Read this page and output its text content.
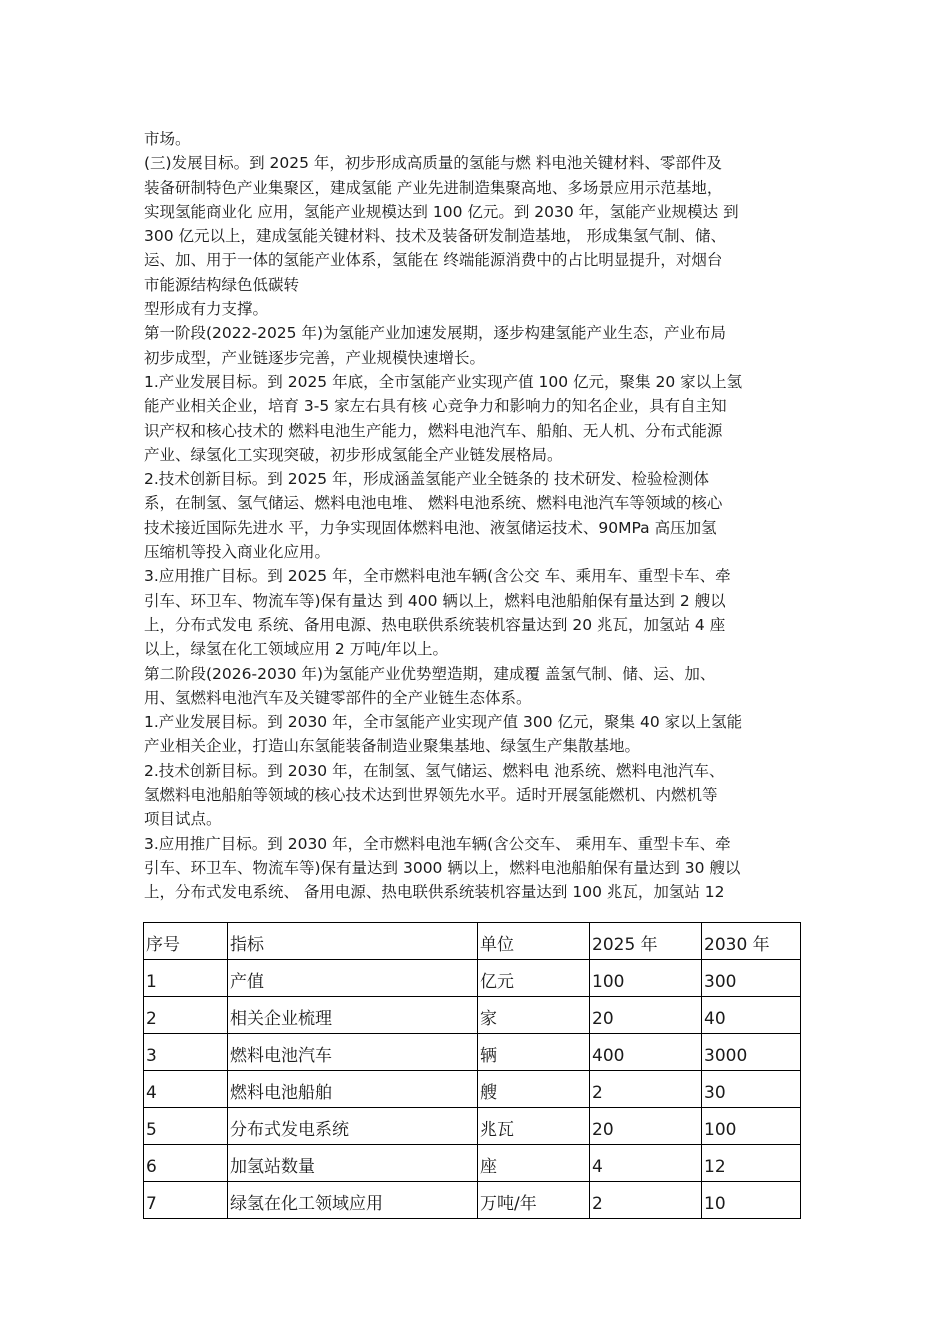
市场。
(三)发展目标。到 2025 年，初步形成高质量的氢能与燃 料电池关键材料、零部件及
装备研制特色产业集聚区，建成氢能 产业先进制造集聚高地、多场景应用示范基地，
实现氢能商业化 应用，氢能产业规模达到 100 亿元。到 2030 年，氢能产业规模达 到
300 亿元以上，建成氢能关键材料、技术及装备研发制造基地， 形成集氢气制、储、
运、加、用于一体的氢能产业体系，氢能在 终端能源消费中的占比明显提升，对烟台
市能源结构绿色低碳转
型形成有力支撑。
第一阶段(2022-2025 年)为氢能产业加速发展期，逐步构建氢能产业生态，产业布局
初步成型，产业链逐步完善，产业规模快速增长。
1.产业发展目标。到 2025 年底，全市氢能产业实现产值 100 亿元，聚集 20 家以上氢
能产业相关企业，培育 3-5 家左右具有核 心竞争力和影响力的知名企业，具有自主知
识产权和核心技术的 燃料电池生产能力，燃料电池汽车、船舶、无人机、分布式能源
产业、绿氢化工实现突破，初步形成氢能全产业链发展格局。
2.技术创新目标。到 2025 年，形成涵盖氢能产业全链条的 技术研发、检验检测体
系，在制氢、氢气储运、燃料电池电堆、 燃料电池系统、燃料电池汽车等领域的核心
技术接近国际先进水 平，力争实现固体燃料电池、液氢储运技术、90MPa 高压加氢
压缩机等投入商业化应用。
3.应用推广目标。到 2025 年，全市燃料电池车辆(含公交 车、乘用车、重型卡车、牵
引车、环卫车、物流车等)保有量达 到 400 辆以上，燃料电池船舶保有量达到 2 艘以
上，分布式发电 系统、备用电源、热电联供系统装机容量达到 20 兆瓦，加氢站 4 座
以上，绿氢在化工领域应用 2 万吨/年以上。
第二阶段(2026-2030 年)为氢能产业优势塑造期，建成覆 盖氢气制、储、运、加、
用、氢燃料电池汽车及关键零部件的全产业链生态体系。
1.产业发展目标。到 2030 年，全市氢能产业实现产值 300 亿元，聚集 40 家以上氢能
产业相关企业，打造山东氢能装备制造业聚集基地、绿氢生产集散基地。
2.技术创新目标。到 2030 年，在制氢、氢气储运、燃料电 池系统、燃料电池汽车、
氢燃料电池船舶等领域的核心技术达到世界领先水平。适时开展氢能燃机、内燃机等
项目试点。
3.应用推广目标。到 2030 年，全市燃料电池车辆(含公交车、 乘用车、重型卡车、牵
引车、环卫车、物流车等)保有量达到 3000 辆以上，燃料电池船舶保有量达到 30 艘以
上，分布式发电系统、 备用电源、热电联供系统装机容量达到 100 兆瓦，加氢站 12
序号	指标	单位	2025 年	2030 年
1	产值	亿元	100	300
2	相关企业梳理	家	20	40
3	燃料电池汽车	辆	400	3000
4	燃料电池船舶	艘	2	30
5	分布式发电系统	兆瓦	20	100
6	加氢站数量	座	4	12
7	绿氢在化工领域应用	万吨/年	2	10
